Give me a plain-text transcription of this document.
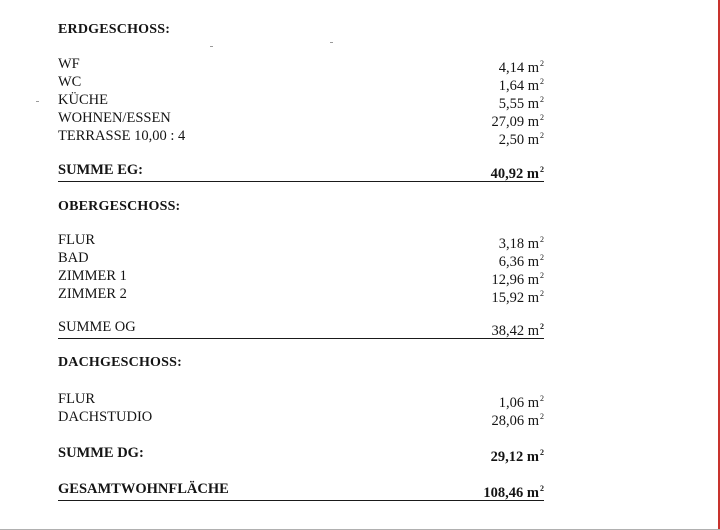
ERDGESCHOSS:
WF	4,14 $m^2$
WC	1,64 $m^2$
KÜCHE	5,55 $m^2$
WOHNEN/ESSEN	27,09 $m^2$
TERRASSE 10,00 : 4	2,50 $m^2$
SUMME EG:	40,92 $m^2$
OBERGESCHOSS:
FLUR	3,18 $m^2$
BAD	6,36 $m^2$
ZIMMER 1	12,96 $m^2$
ZIMMER 2	15,92 $m^2$
SUMME OG	38,42 $m^2$
DACHGESCHOSS:
FLUR	1,06 $m^2$
DACHSTUDIO	28,06 $m^2$
SUMME DG:	29,12 $m^2$
GESAMTWOHNFLÄCHE	108,46 $m^2$
